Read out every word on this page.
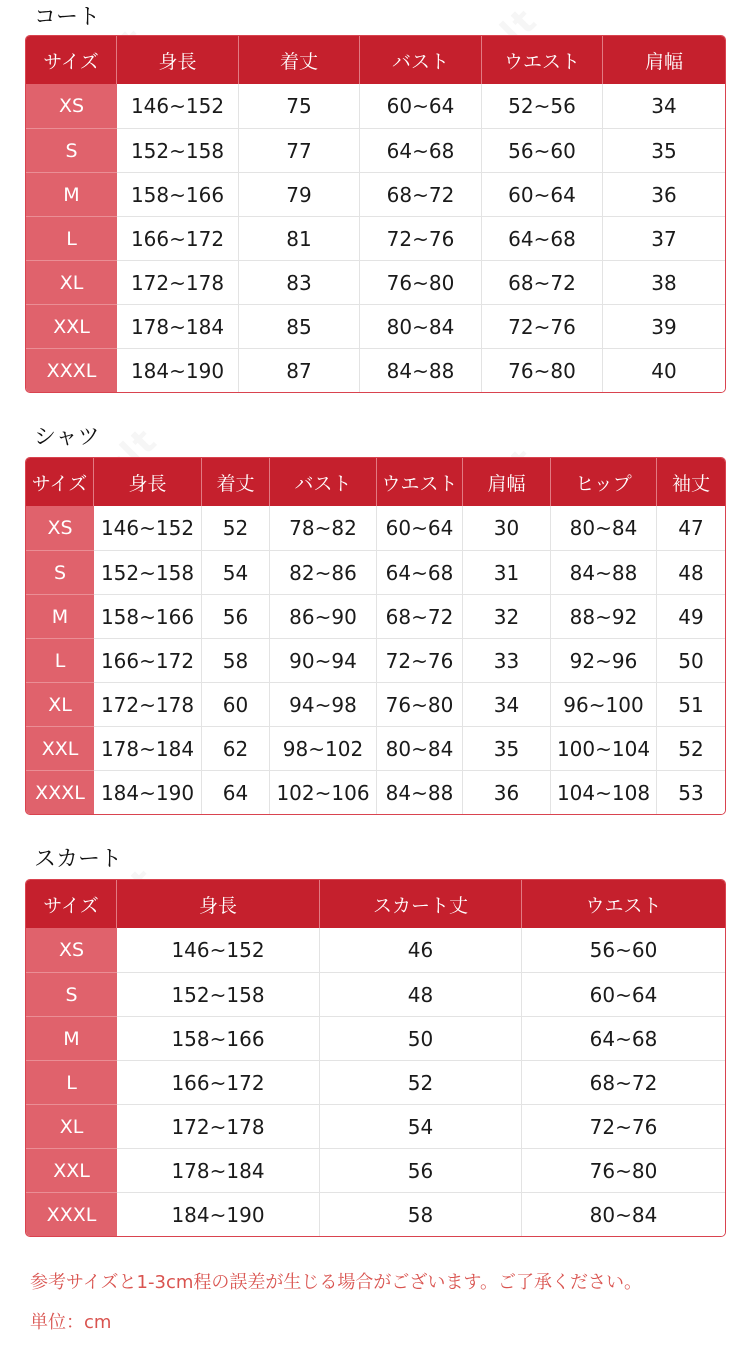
コート
サイズ	身長	着丈	バスト	ウエスト	肩幅
XS	146~152	75	60~64	52~56	34
S	152~158	77	64~68	56~60	35
M	158~166	79	68~72	60~64	36
L	166~172	81	72~76	64~68	37
XL	172~178	83	76~80	68~72	38
XXL	178~184	85	80~84	72~76	39
XXXL	184~190	87	84~88	76~80	40
シャツ
サイズ	身長	着丈	バスト	ウエスト	肩幅	ヒップ	袖丈
XS	146~152	52	78~82	60~64	30	80~84	47
S	152~158	54	82~86	64~68	31	84~88	48
M	158~166	56	86~90	68~72	32	88~92	49
L	166~172	58	90~94	72~76	33	92~96	50
XL	172~178	60	94~98	76~80	34	96~100	51
XXL	178~184	62	98~102	80~84	35	100~104	52
XXXL	184~190	64	102~106	84~88	36	104~108	53
スカート
サイズ	身長	スカート丈	ウエスト
XS	146~152	46	56~60
S	152~158	48	60~64
M	158~166	50	64~68
L	166~172	52	68~72
XL	172~178	54	72~76
XXL	178~184	56	76~80
XXXL	184~190	58	80~84
参考サイズと1-3cm程の誤差が生じる場合がございます。ご了承ください。
単位：cm
